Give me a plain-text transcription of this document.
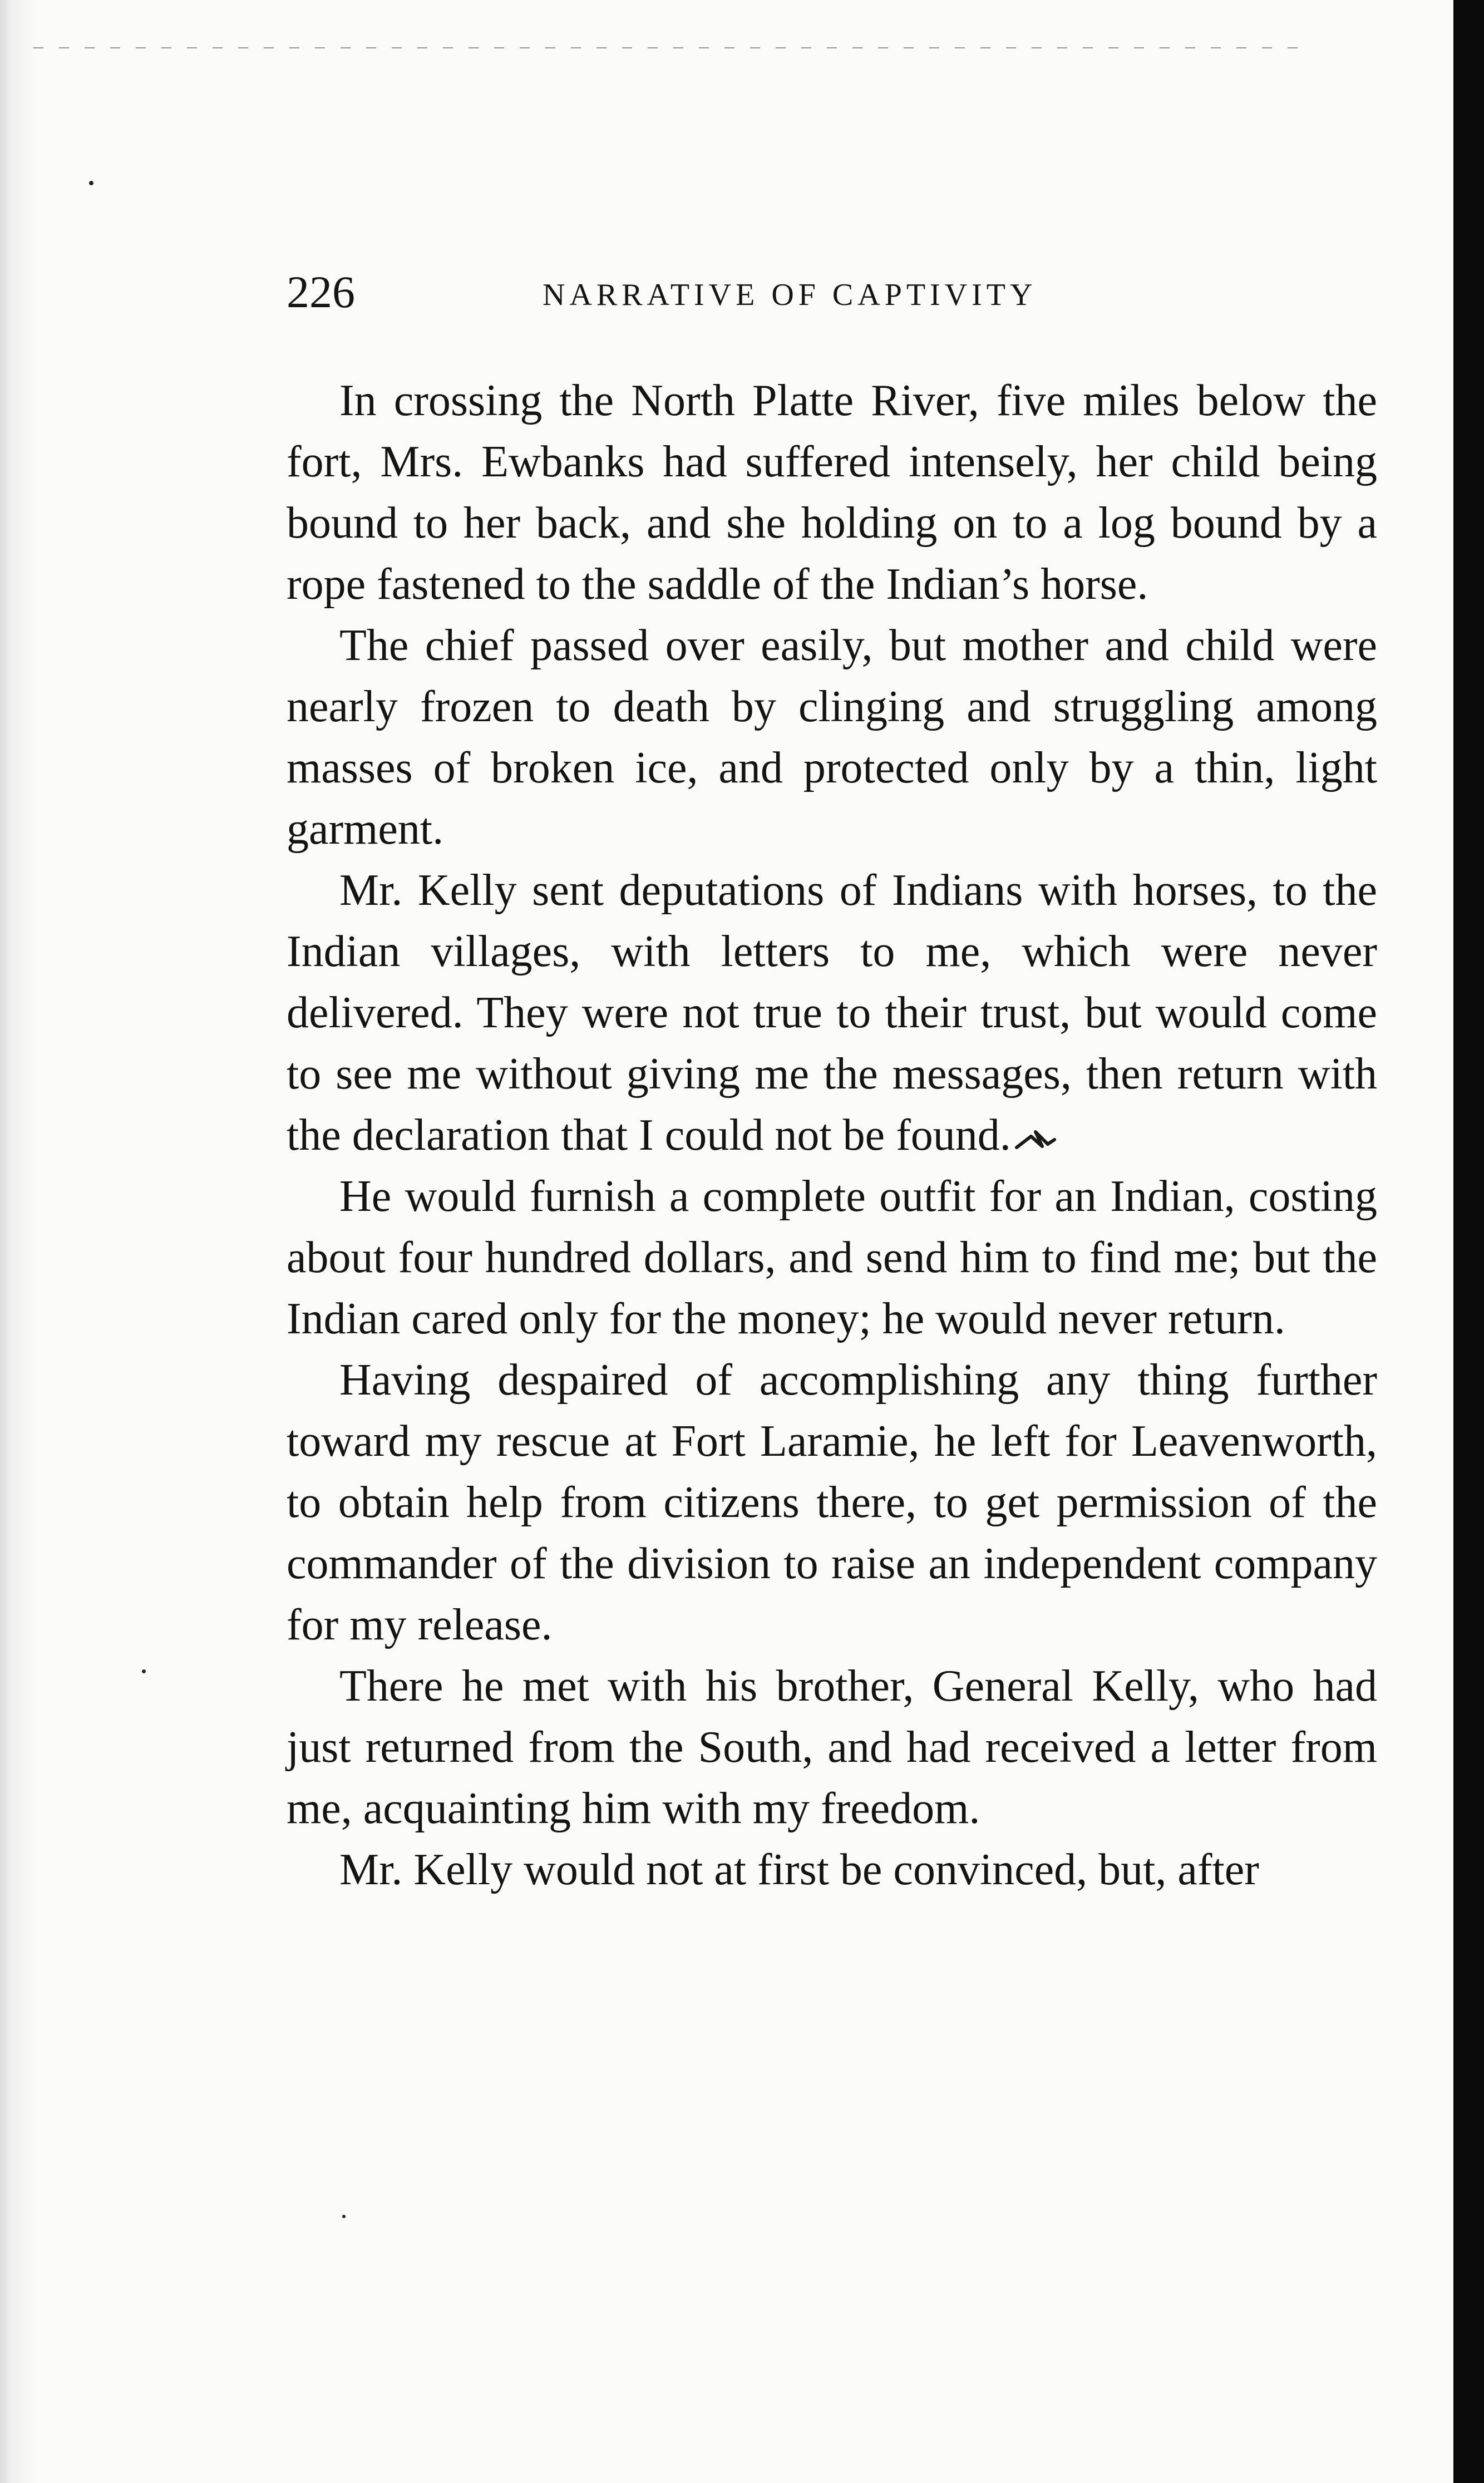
226	NARRATIVE OF CAPTIVITY

In crossing the North Platte River, five miles below the fort, Mrs. Ewbanks had suffered intensely, her child being bound to her back, and she holding on to a log bound by a rope fastened to the saddle of the Indian’s horse.

The chief passed over easily, but mother and child were nearly frozen to death by clinging and struggling among masses of broken ice, and protected only by a thin, light garment.

Mr. Kelly sent deputations of Indians with horses, to the Indian villages, with letters to me, which were never delivered. They were not true to their trust, but would come to see me without giving me the messages, then return with the declaration that I could not be found.

He would furnish a complete outfit for an Indian, costing about four hundred dollars, and send him to find me; but the Indian cared only for the money; he would never return.

Having despaired of accomplishing any thing further toward my rescue at Fort Laramie, he left for Leavenworth, to obtain help from citizens there, to get permission of the commander of the division to raise an independent company for my release.

There he met with his brother, General Kelly, who had just returned from the South, and had received a letter from me, acquainting him with my freedom.

Mr. Kelly would not at first be convinced, but, after
